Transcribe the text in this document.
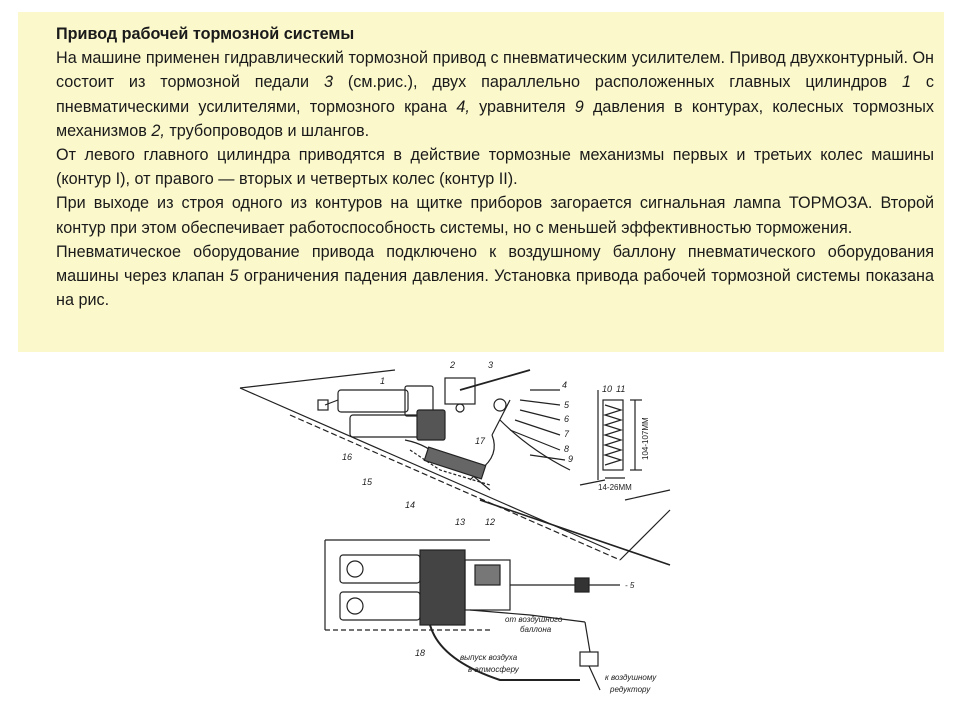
Привод рабочей тормозной системы

На машине применен гидравлический тормозной привод с пневматическим усилителем. Привод двухконтурный. Он состоит из тормозной педали 3 (см.рис.), двух параллельно расположенных главных цилиндров 1 с пневматическими усилителями, тормозного крана 4, уравнителя 9 давления в контурах, колесных тормозных механизмов 2, трубопроводов и шлангов.

От левого главного цилиндра приводятся в действие тормозные механизмы первых и третьих колес машины (контур I), от правого — вторых и четвертых колес (контур II).

При выходе из строя одного из контуров на щитке приборов загорается сигнальная лампа ТОРМОЗА. Второй контур при этом обеспечивает работоспособность системы, но с меньшей эффективностью торможения.

Пневматическое оборудование привода подключено к воздушному баллону пневматического оборудования машины через клапан 5 ограничения падения давления. Установка привода рабочей тормозной системы показана на рис.

1
2	3
4
5
6
7
8
9
10 11
12
13
14
15
16
17
18
104-107ММ
14-26ММ
- 5
от воздушного
баллона
выпуск воздуха
в атмосферу
к воздушному
редуктору
